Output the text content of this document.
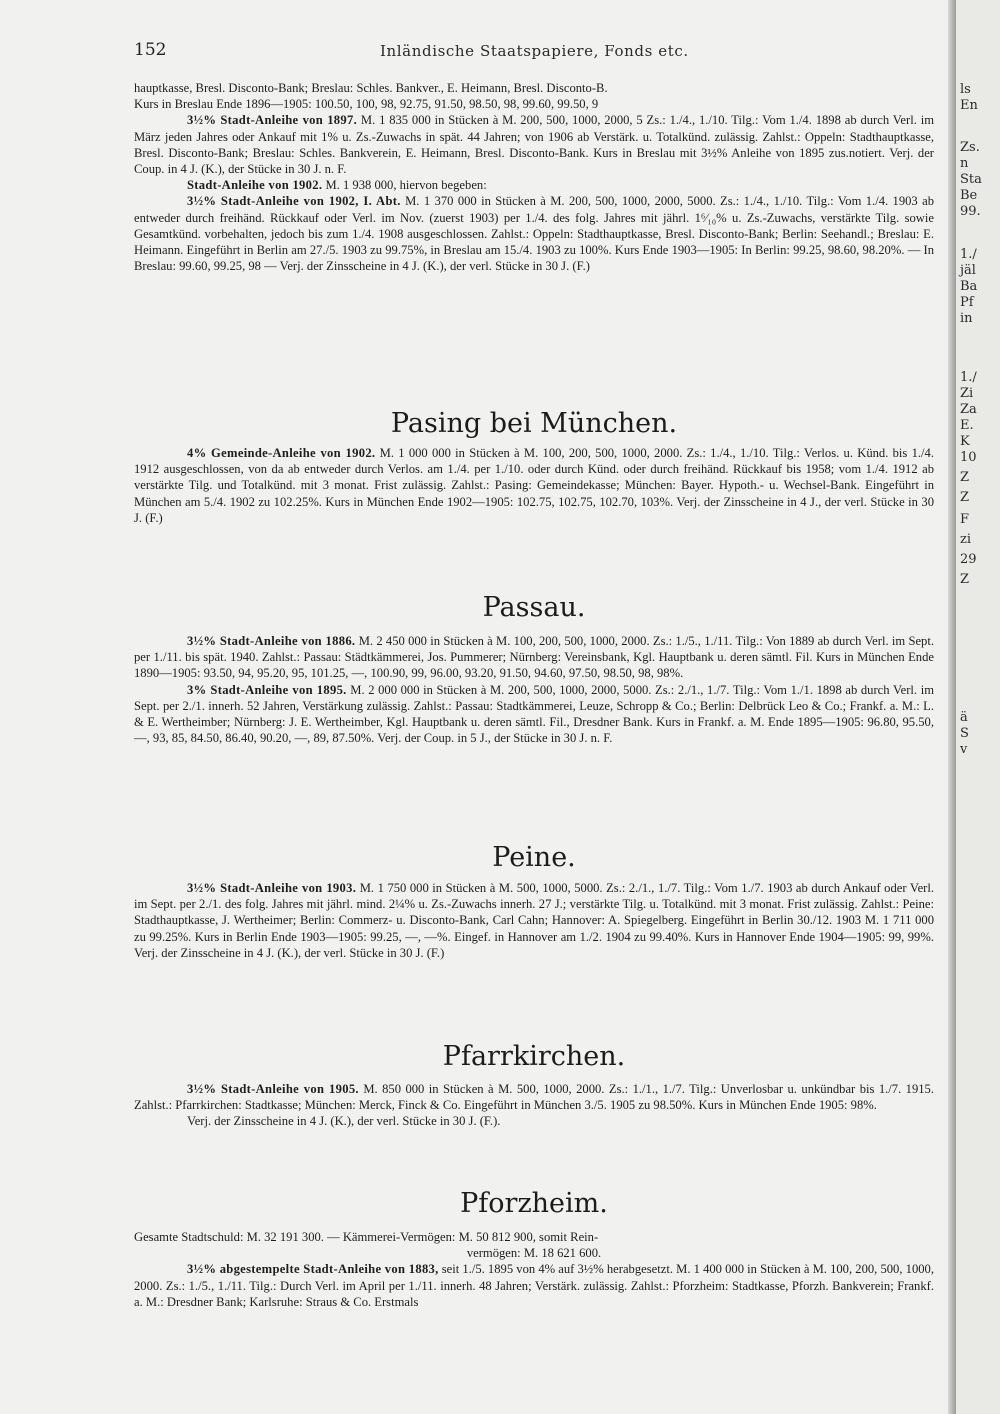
152	Inländische Staatspapiere, Fonds etc.

hauptkasse, Bresl. Disconto-Bank; Breslau: Schles. Bankver., E. Heimann, Bresl. Disconto-B.

Kurs in Breslau Ende 1896—1905: 100.50, 100, 98, 92.75, 91.50, 98.50, 98, 99.60, 99.50, 9

3½% Stadt-Anleihe von 1897. M. 1 835 000 in Stücken à M. 200, 500, 1000, 2000, 5 Zs.: 1./4., 1./10. Tilg.: Vom 1./4. 1898 ab durch Verl. im März jeden Jahres oder Ankauf mit 1% u. Zs.-Zuwachs in spät. 44 Jahren; von 1906 ab Verstärk. u. Totalkünd. zulässig. Zahlst.: Oppeln: Stadthauptkasse, Bresl. Disconto-Bank; Breslau: Schles. Bankverein, E. Heimann, Bresl. Disconto-Bank. Kurs in Breslau mit 3½% Anleihe von 1895 zus.notiert. Verj. der Coup. in 4 J. (K.), der Stücke in 30 J. n. F.

Stadt-Anleihe von 1902. M. 1 938 000, hiervon begeben:

3½% Stadt-Anleihe von 1902, I. Abt. M. 1 370 000 in Stücken à M. 200, 500, 1000, 2000, 5000. Zs.: 1./4., 1./10. Tilg.: Vom 1./4. 1903 ab entweder durch freihänd. Rückkauf oder Verl. im Nov. (zuerst 1903) per 1./4. des folg. Jahres mit jährl. 1⁶⁄₁₀% u. Zs.-Zuwachs, verstärkte Tilg. sowie Gesamtkünd. vorbehalten, jedoch bis zum 1./4. 1908 ausgeschlossen. Zahlst.: Oppeln: Stadthauptkasse, Bresl. Disconto-Bank; Berlin: Seehandl.; Breslau: E. Heimann. Eingeführt in Berlin am 27./5. 1903 zu 99.75%, in Breslau am 15./4. 1903 zu 100%. Kurs Ende 1903—1905: In Berlin: 99.25, 98.60, 98.20%. — In Breslau: 99.60, 99.25, 98 — Verj. der Zinsscheine in 4 J. (K.), der verl. Stücke in 30 J. (F.)

Pasing bei München.

4% Gemeinde-Anleihe von 1902. M. 1 000 000 in Stücken à M. 100, 200, 500, 1000, 2000. Zs.: 1./4., 1./10. Tilg.: Verlos. u. Künd. bis 1./4. 1912 ausgeschlossen, von da ab entweder durch Verlos. am 1./4. per 1./10. oder durch Künd. oder durch freihänd. Rückkauf bis 1958; vom 1./4. 1912 ab verstärkte Tilg. und Totalkünd. mit 3 monat. Frist zulässig. Zahlst.: Pasing: Gemeindekasse; München: Bayer. Hypoth.- u. Wechsel-Bank. Eingeführt in München am 5./4. 1902 zu 102.25%. Kurs in München Ende 1902—1905: 102.75, 102.75, 102.70, 103%. Verj. der Zinsscheine in 4 J., der verl. Stücke in 30 J. (F.)

Passau.

3½% Stadt-Anleihe von 1886. M. 2 450 000 in Stücken à M. 100, 200, 500, 1000, 2000. Zs.: 1./5., 1./11. Tilg.: Von 1889 ab durch Verl. im Sept. per 1./11. bis spät. 1940. Zahlst.: Passau: Städtkämmerei, Jos. Pummerer; Nürnberg: Vereinsbank, Kgl. Hauptbank u. deren sämtl. Fil. Kurs in München Ende 1890—1905: 93.50, 94, 95.20, 95, 101.25, —, 100.90, 99, 96.00, 93.20, 91.50, 94.60, 97.50, 98.50, 98, 98%.

3% Stadt-Anleihe von 1895. M. 2 000 000 in Stücken à M. 200, 500, 1000, 2000, 5000. Zs.: 2./1., 1./7. Tilg.: Vom 1./1. 1898 ab durch Verl. im Sept. per 2./1. innerh. 52 Jahren, Verstärkung zulässig. Zahlst.: Passau: Stadtkämmerei, Leuze, Schropp & Co.; Berlin: Delbrück Leo & Co.; Frankf. a. M.: L. & E. Wertheimber; Nürnberg: J. E. Wertheimber, Kgl. Hauptbank u. deren sämtl. Fil., Dresdner Bank. Kurs in Frankf. a. M. Ende 1895—1905: 96.80, 95.50, —, 93, 85, 84.50, 86.40, 90.20, —, 89, 87.50%. Verj. der Coup. in 5 J., der Stücke in 30 J. n. F.

Peine.

3½% Stadt-Anleihe von 1903. M. 1 750 000 in Stücken à M. 500, 1000, 5000. Zs.: 2./1., 1./7. Tilg.: Vom 1./7. 1903 ab durch Ankauf oder Verl. im Sept. per 2./1. des folg. Jahres mit jährl. mind. 2¼% u. Zs.-Zuwachs innerh. 27 J.; verstärkte Tilg. u. Totalkünd. mit 3 monat. Frist zulässig. Zahlst.: Peine: Stadthauptkasse, J. Wertheimer; Berlin: Commerz- u. Disconto-Bank, Carl Cahn; Hannover: A. Spiegelberg. Eingeführt in Berlin 30./12. 1903 M. 1 711 000 zu 99.25%. Kurs in Berlin Ende 1903—1905: 99.25, —, —%. Eingef. in Hannover am 1./2. 1904 zu 99.40%. Kurs in Hannover Ende 1904—1905: 99, 99%. Verj. der Zinsscheine in 4 J. (K.), der verl. Stücke in 30 J. (F.)

Pfarrkirchen.

3½% Stadt-Anleihe von 1905. M. 850 000 in Stücken à M. 500, 1000, 2000. Zs.: 1./1., 1./7. Tilg.: Unverlosbar u. unkündbar bis 1./7. 1915. Zahlst.: Pfarrkirchen: Stadtkasse; München: Merck, Finck & Co. Eingeführt in München 3./5. 1905 zu 98.50%. Kurs in München Ende 1905: 98%.

Verj. der Zinsscheine in 4 J. (K.), der verl. Stücke in 30 J. (F.).

Pforzheim.

Gesamte Stadtschuld: M. 32 191 300. — Kämmerei-Vermögen: M. 50 812 900, somit Rein-

vermögen: M. 18 621 600.

3½% abgestempelte Stadt-Anleihe von 1883, seit 1./5. 1895 von 4% auf 3½% herabgesetzt. M. 1 400 000 in Stücken à M. 100, 200, 500, 1000, 2000. Zs.: 1./5., 1./11. Tilg.: Durch Verl. im April per 1./11. innerh. 48 Jahren; Verstärk. zulässig. Zahlst.: Pforzheim: Stadtkasse, Pforzh. Bankverein; Frankf. a. M.: Dresdner Bank; Karlsruhe: Straus & Co. Erstmals

ls
En
Zs.
n
Sta
Be
99.
1./
jäl
Ba
Pf
in
1./
Zi
Za
E.
K
10
Z
Z
F
zi
29
Z
ä
S
v
